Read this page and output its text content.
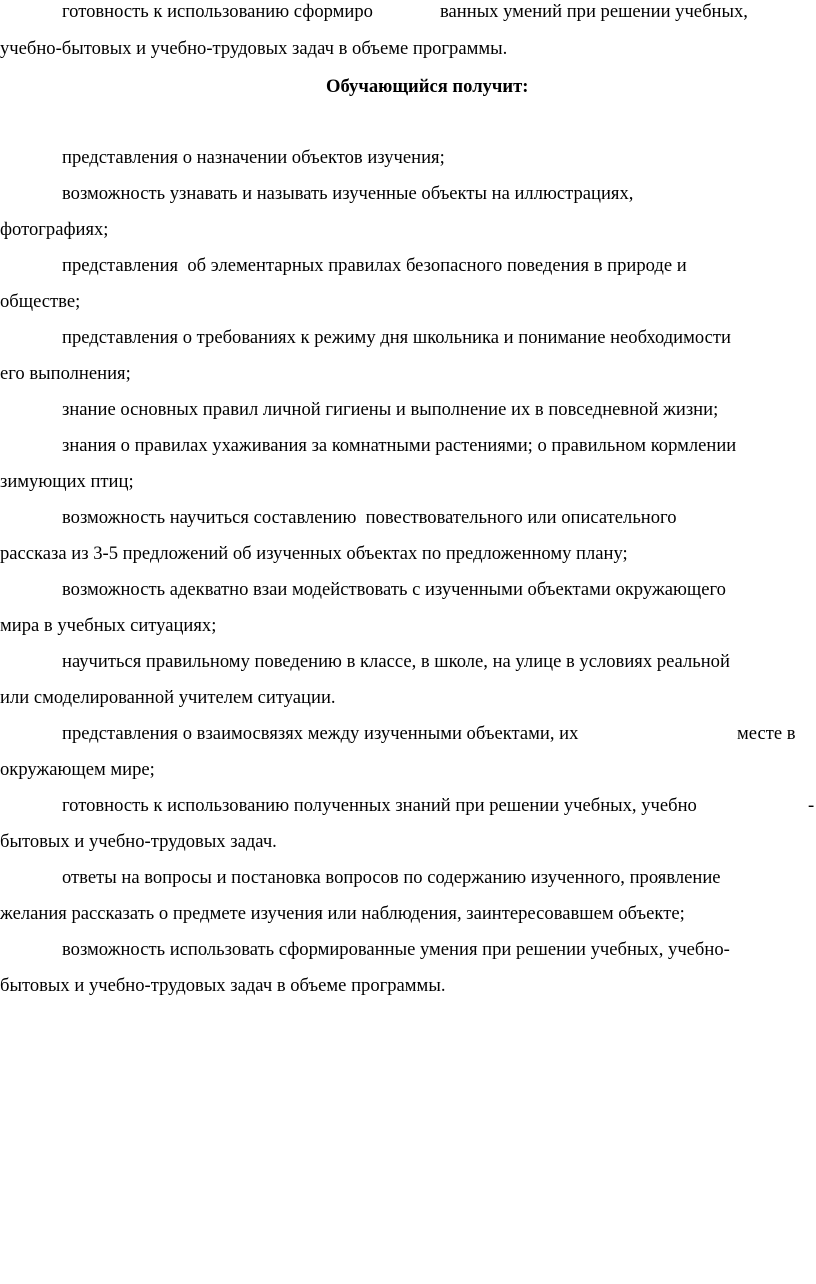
готовность к использованию сформиро

	ванных умений при решении учебных,

учебно-бытовых и учебно-трудовых задач в объеме программы.
Обучающийся получит:
представления о назначении объектов изучения;
возможность узнавать и называть изученные объекты на иллюстрациях,
фотографиях;
представления  об элементарных правилах безопасного поведения в природе и
обществе;
представления о требованиях к режиму дня школьника и понимание необходимости
его выполнения;
знание основных правил личной гигиены и выполнение их в повседневной жизни;
знания о правилах ухаживания за комнатными растениями; о правильном кормлении
зимующих птиц;
возможность научиться составлению  повествовательного или описательного
рассказа из 3-5 предложений об изученных объектах по предложенному плану;
возможность адекватно взаи модействовать с изученными объектами окружающего
мира в учебных ситуациях;
научиться правильному поведению в классе, в школе, на улице в условиях реальной
или смоделированной учителем ситуации.

представления о взаимосвязях между изученными объектами, их

	месте в

окружающем мире;

готовность к использованию полученных знаний при решении учебных, учебно

	-

бытовых и учебно-трудовых задач.
ответы на вопросы и постановка вопросов по содержанию изученного, проявление
желания рассказать о предмете изучения или наблюдения, заинтересовавшем объекте;
возможность использовать сформированные умения при решении учебных, учебно-
бытовых и учебно-трудовых задач в объеме программы.
